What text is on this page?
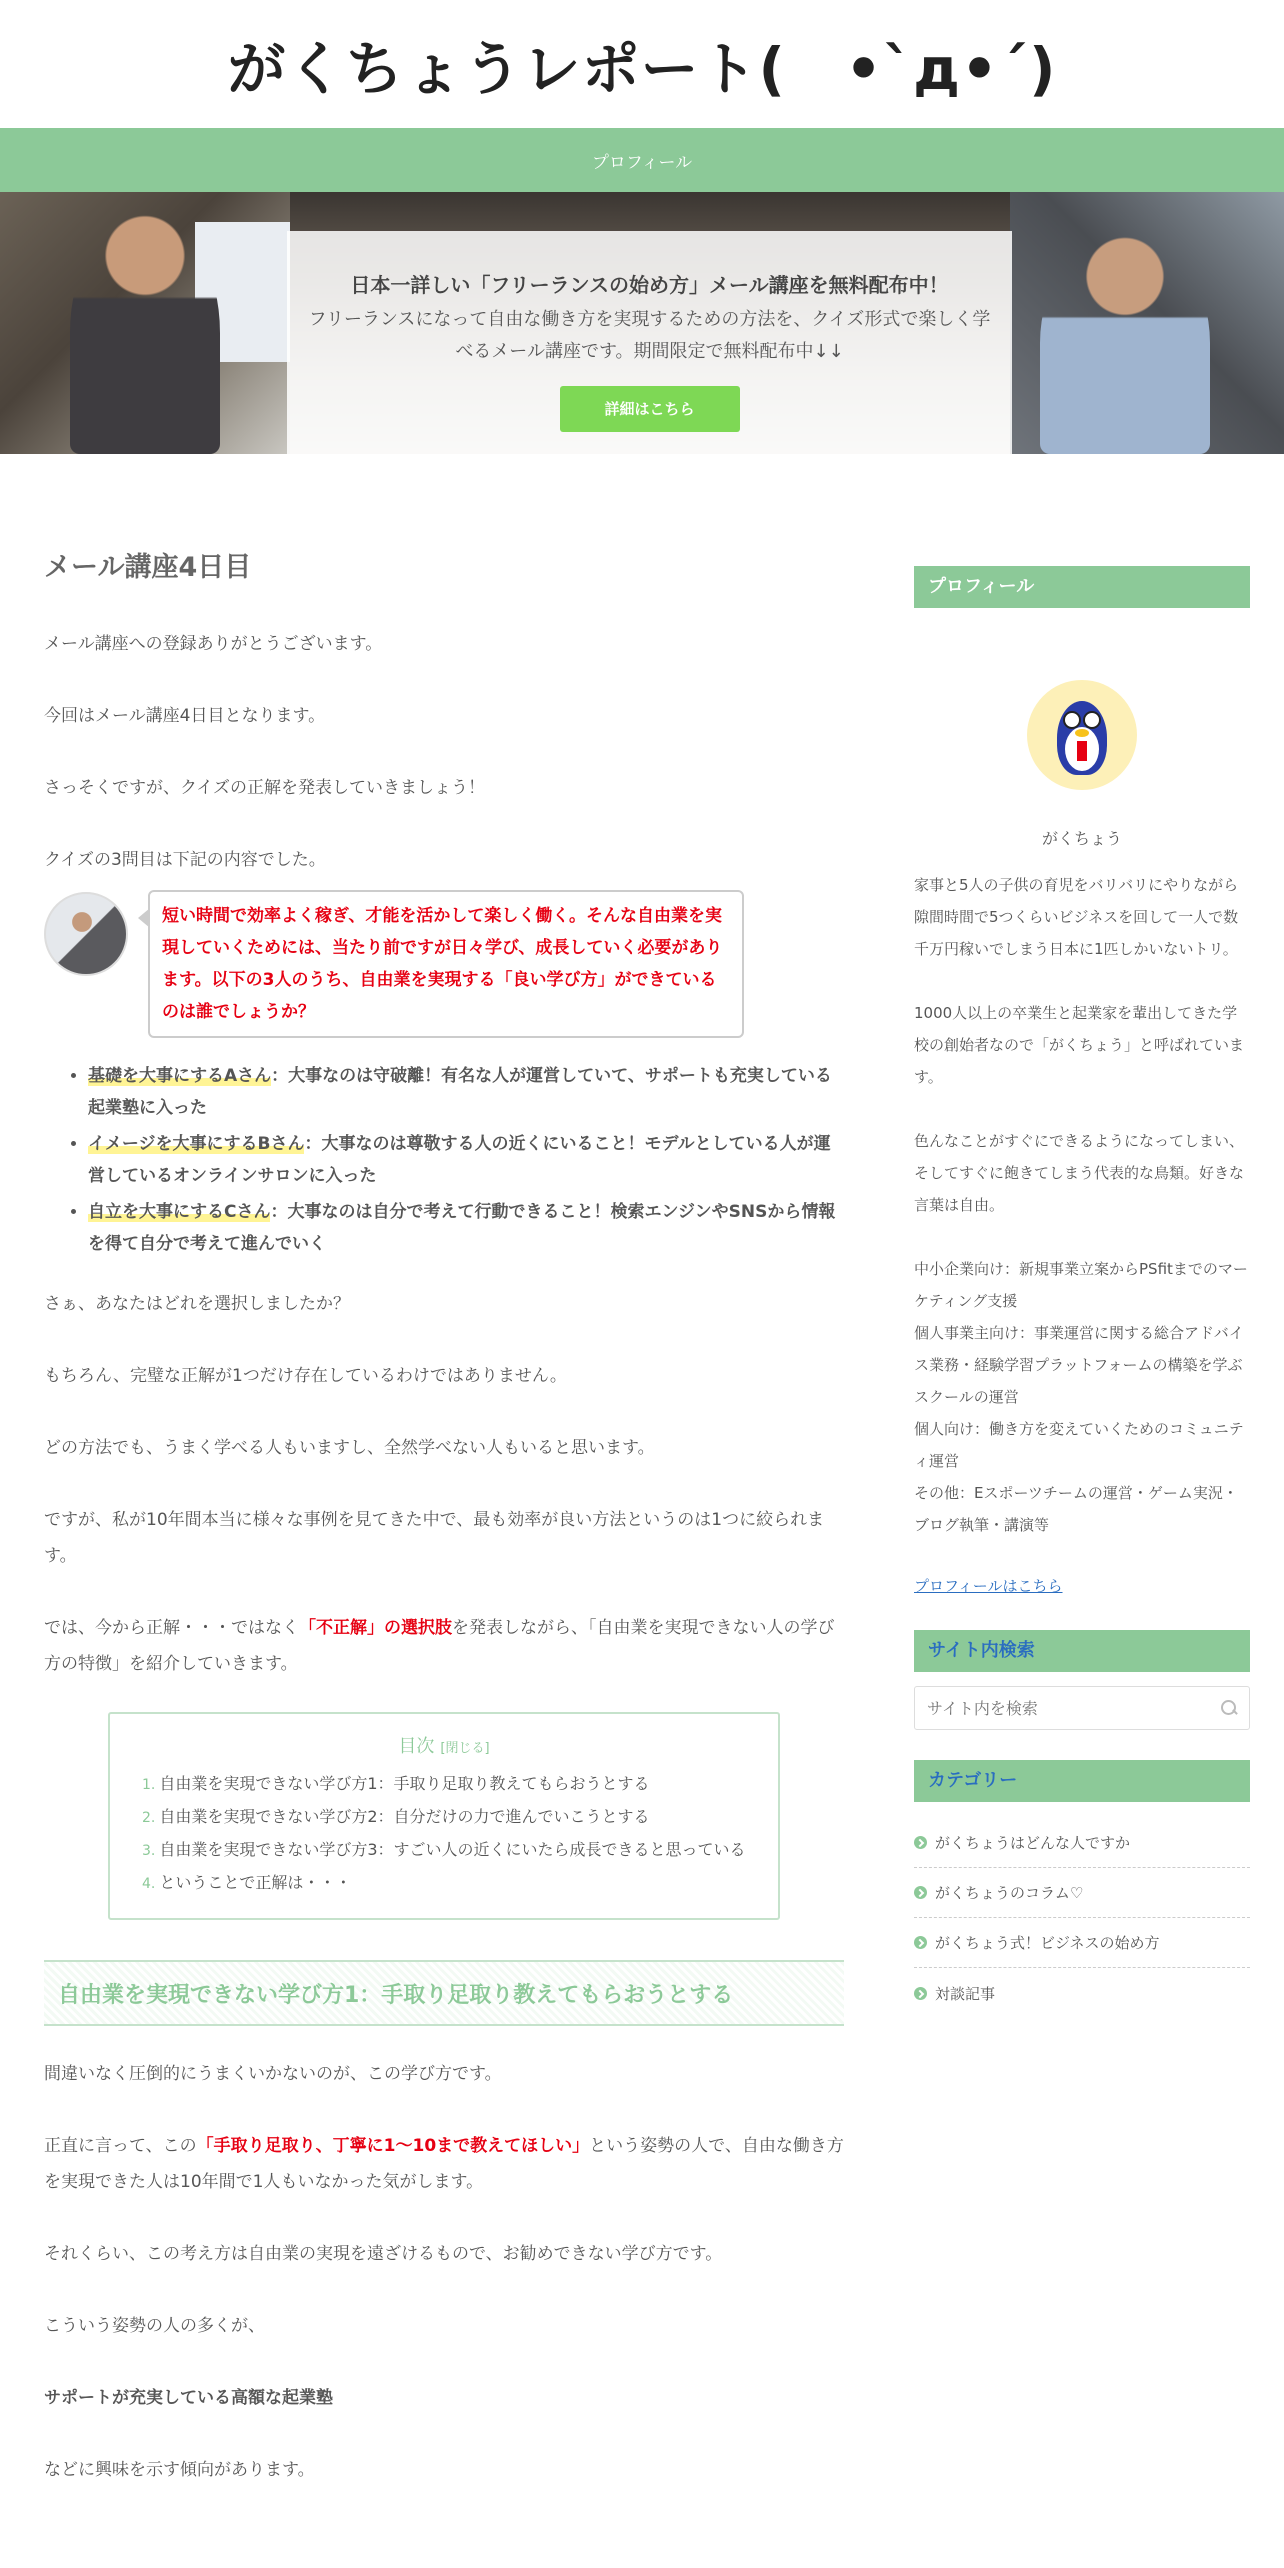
がくちょうレポート(　•`д•´)
プロフィール
日本一詳しい「フリーランスの始め方」メール講座を無料配布中！
フリーランスになって自由な働き方を実現するための方法を、クイズ形式で楽しく学べるメール講座です。期間限定で無料配布中↓↓
詳細はこちら
メール講座4日目

メール講座への登録ありがとうございます。

今回はメール講座4日目となります。

さっそくですが、クイズの正解を発表していきましょう！

クイズの3問目は下記の内容でした。

短い時間で効率よく稼ぎ、才能を活かして楽しく働く。そんな自由業を実現していくためには、当たり前ですが日々学び、成長していく必要があります。以下の3人のうち、自由業を実現する「良い学び方」ができているのは誰でしょうか？
• 基礎を大事にするAさん：大事なのは守破離！有名な人が運営していて、サポートも充実している起業塾に入った
• イメージを大事にするBさん：大事なのは尊敬する人の近くにいること！モデルとしている人が運営しているオンラインサロンに入った
• 自立を大事にするCさん：大事なのは自分で考えて行動できること！検索エンジンやSNSから情報を得て自分で考えて進んでいく

さぁ、あなたはどれを選択しましたか？

もちろん、完璧な正解が1つだけ存在しているわけではありません。

どの方法でも、うまく学べる人もいますし、全然学べない人もいると思います。

ですが、私が10年間本当に様々な事例を見てきた中で、最も効率が良い方法というのは1つに絞られます。

では、今から正解・・・ではなく「不正解」の選択肢を発表しながら、「自由業を実現できない人の学び方の特徴」を紹介していきます。

目次 [閉じる]
1. 自由業を実現できない学び方1：手取り足取り教えてもらおうとする
2. 自由業を実現できない学び方2：自分だけの力で進んでいこうとする
3. 自由業を実現できない学び方3：すごい人の近くにいたら成長できると思っている
4. ということで正解は・・・
自由業を実現できない学び方1：手取り足取り教えてもらおうとする

間違いなく圧倒的にうまくいかないのが、この学び方です。

正直に言って、この「手取り足取り、丁寧に1～10まで教えてほしい」という姿勢の人で、自由な働き方を実現できた人は10年間で1人もいなかった気がします。

それくらい、この考え方は自由業の実現を遠ざけるもので、お勧めできない学び方です。

こういう姿勢の人の多くが、

サポートが充実している高額な起業塾

などに興味を示す傾向があります。

プロフィール
がくちょう
家事と5人の子供の育児をバリバリにやりながら隙間時間で5つくらいビジネスを回して一人で数千万円稼いでしまう日本に1匹しかいないトリ。
1000人以上の卒業生と起業家を輩出してきた学校の創始者なので「がくちょう」と呼ばれています。
色んなことがすぐにできるようになってしまい、そしてすぐに飽きてしまう代表的な鳥類。好きな言葉は自由。
中小企業向け：新規事業立案からPSfitまでのマーケティング支援
個人事業主向け：事業運営に関する総合アドバイス業務・経験学習プラットフォームの構築を学ぶスクールの運営
個人向け：働き方を変えていくためのコミュニティ運営
その他：Eスポーツチームの運営・ゲーム実況・ブログ執筆・講演等
プロフィールはこちら
サイト内検索
サイト内を検索
カテゴリー
がくちょうはどんな人ですか
がくちょうのコラム♡
がくちょう式！ビジネスの始め方
対談記事
